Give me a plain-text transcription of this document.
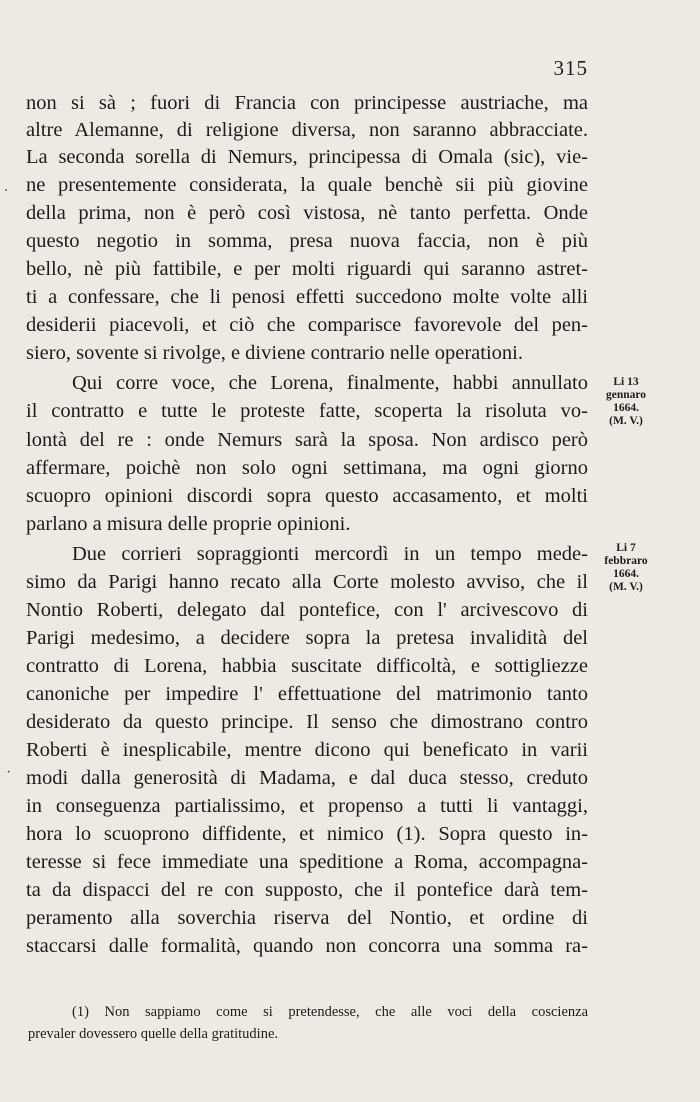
315
.
·
non si sà ; fuori di Francia con principesse austriache, ma
altre Alemanne, di religione diversa, non saranno abbracciate.
La seconda sorella di Nemurs, principessa di Omala (sic), vie-
ne presentemente considerata, la quale benchè sii più giovine
della prima, non è però così vistosa, nè tanto perfetta. Onde
questo negotio in somma, presa nuova faccia, non è più
bello, nè più fattibile, e per molti riguardi qui saranno astret-
ti a confessare, che li penosi effetti succedono molte volte alli
desiderii piacevoli, et ciò che comparisce favorevole del pen-
siero, sovente si rivolge, e diviene contrario nelle operationi.
Qui corre voce, che Lorena, finalmente, habbi annullato
il contratto e tutte le proteste fatte, scoperta la risoluta vo-
lontà del re : onde Nemurs sarà la sposa. Non ardisco però
affermare, poichè non solo ogni settimana, ma ogni giorno
scuopro opinioni discordi sopra questo accasamento, et molti
parlano a misura delle proprie opinioni.
Due corrieri sopraggionti mercordì in un tempo mede-
simo da Parigi hanno recato alla Corte molesto avviso, che il
Nontio Roberti, delegato dal pontefice, con l' arcivescovo di
Parigi medesimo, a decidere sopra la pretesa invalidità del
contratto di Lorena, habbia suscitate difficoltà, e sottigliezze
canoniche per impedire l' effettuatione del matrimonio tanto
desiderato da questo principe. Il senso che dimostrano contro
Roberti è inesplicabile, mentre dicono qui beneficato in varii
modi dalla generosità di Madama, e dal duca stesso, creduto
in conseguenza partialissimo, et propenso a tutti li vantaggi,
hora lo scuoprono diffidente, et nimico (1). Sopra questo in-
teresse si fece immediate una speditione a Roma, accompagna-
ta da dispacci del re con supposto, che il pontefice darà tem-
peramento alla soverchia riserva del Nontio, et ordine di
staccarsi dalle formalità, quando non concorra una somma ra-
Li 13
gennaro
1664.
(M. V.)
Li 7
febbraro
1664.
(M. V.)
(1) Non sappiamo come si pretendesse, che alle voci della coscienza
prevaler dovessero quelle della gratitudine.
